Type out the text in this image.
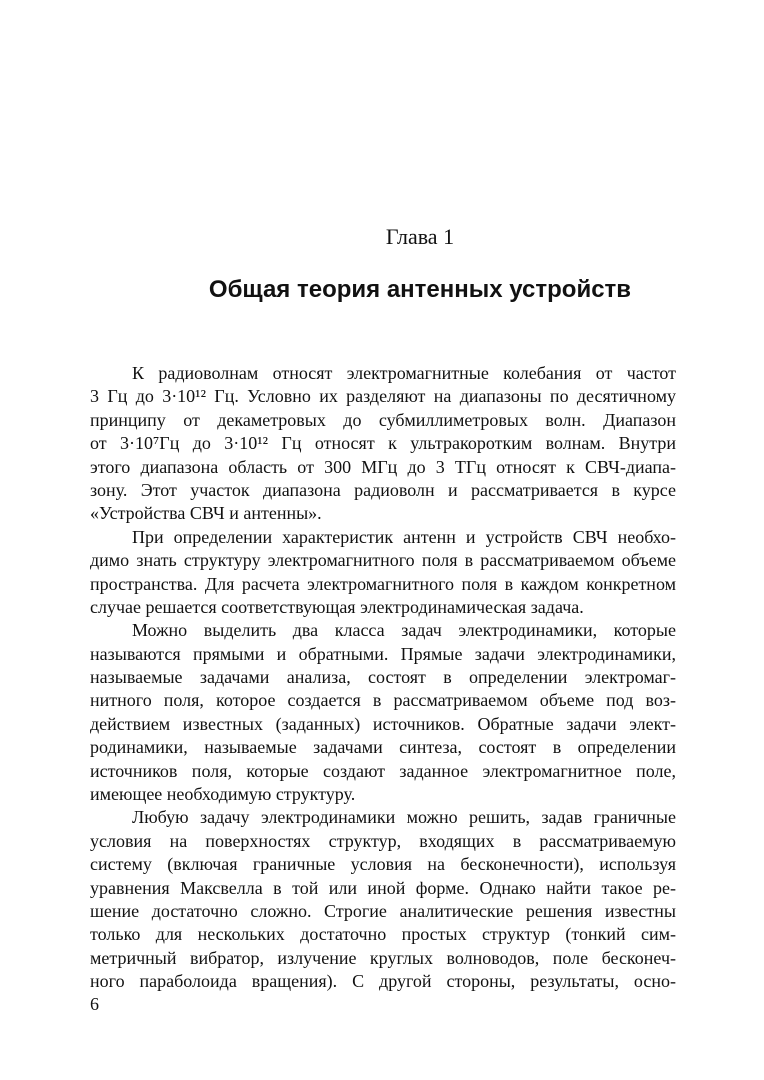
Глава 1
Общая теория антенных устройств
К радиоволнам относят электромагнитные колебания от частот
3 Гц до 3·10¹² Гц. Условно их разделяют на диапазоны по десятичному
принципу от декаметровых до субмиллиметровых волн. Диапазон
от 3·10⁷Гц до 3·10¹² Гц относят к ультракоротким волнам. Внутри
этого диапазона область от 300 МГц до 3 ТГц относят к СВЧ-диапа-
зону. Этот участок диапазона радиоволн и рассматривается в курсе
«Устройства СВЧ и антенны».
При определении характеристик антенн и устройств СВЧ необхо-
димо знать структуру электромагнитного поля в рассматриваемом объеме
пространства. Для расчета электромагнитного поля в каждом конкретном
случае решается соответствующая электродинамическая задача.
Можно выделить два класса задач электродинамики, которые
называются прямыми и обратными. Прямые задачи электродинамики,
называемые задачами анализа, состоят в определении электромаг-
нитного поля, которое создается в рассматриваемом объеме под воз-
действием известных (заданных) источников. Обратные задачи элект-
родинамики, называемые задачами синтеза, состоят в определении
источников поля, которые создают заданное электромагнитное поле,
имеющее необходимую структуру.
Любую задачу электродинамики можно решить, задав граничные
условия на поверхностях структур, входящих в рассматриваемую
систему (включая граничные условия на бесконечности), используя
уравнения Максвелла в той или иной форме. Однако найти такое ре-
шение достаточно сложно. Строгие аналитические решения известны
только для нескольких достаточно простых структур (тонкий сим-
метричный вибратор, излучение круглых волноводов, поле бесконеч-
ного параболоида вращения). С другой стороны, результаты, осно-
6
